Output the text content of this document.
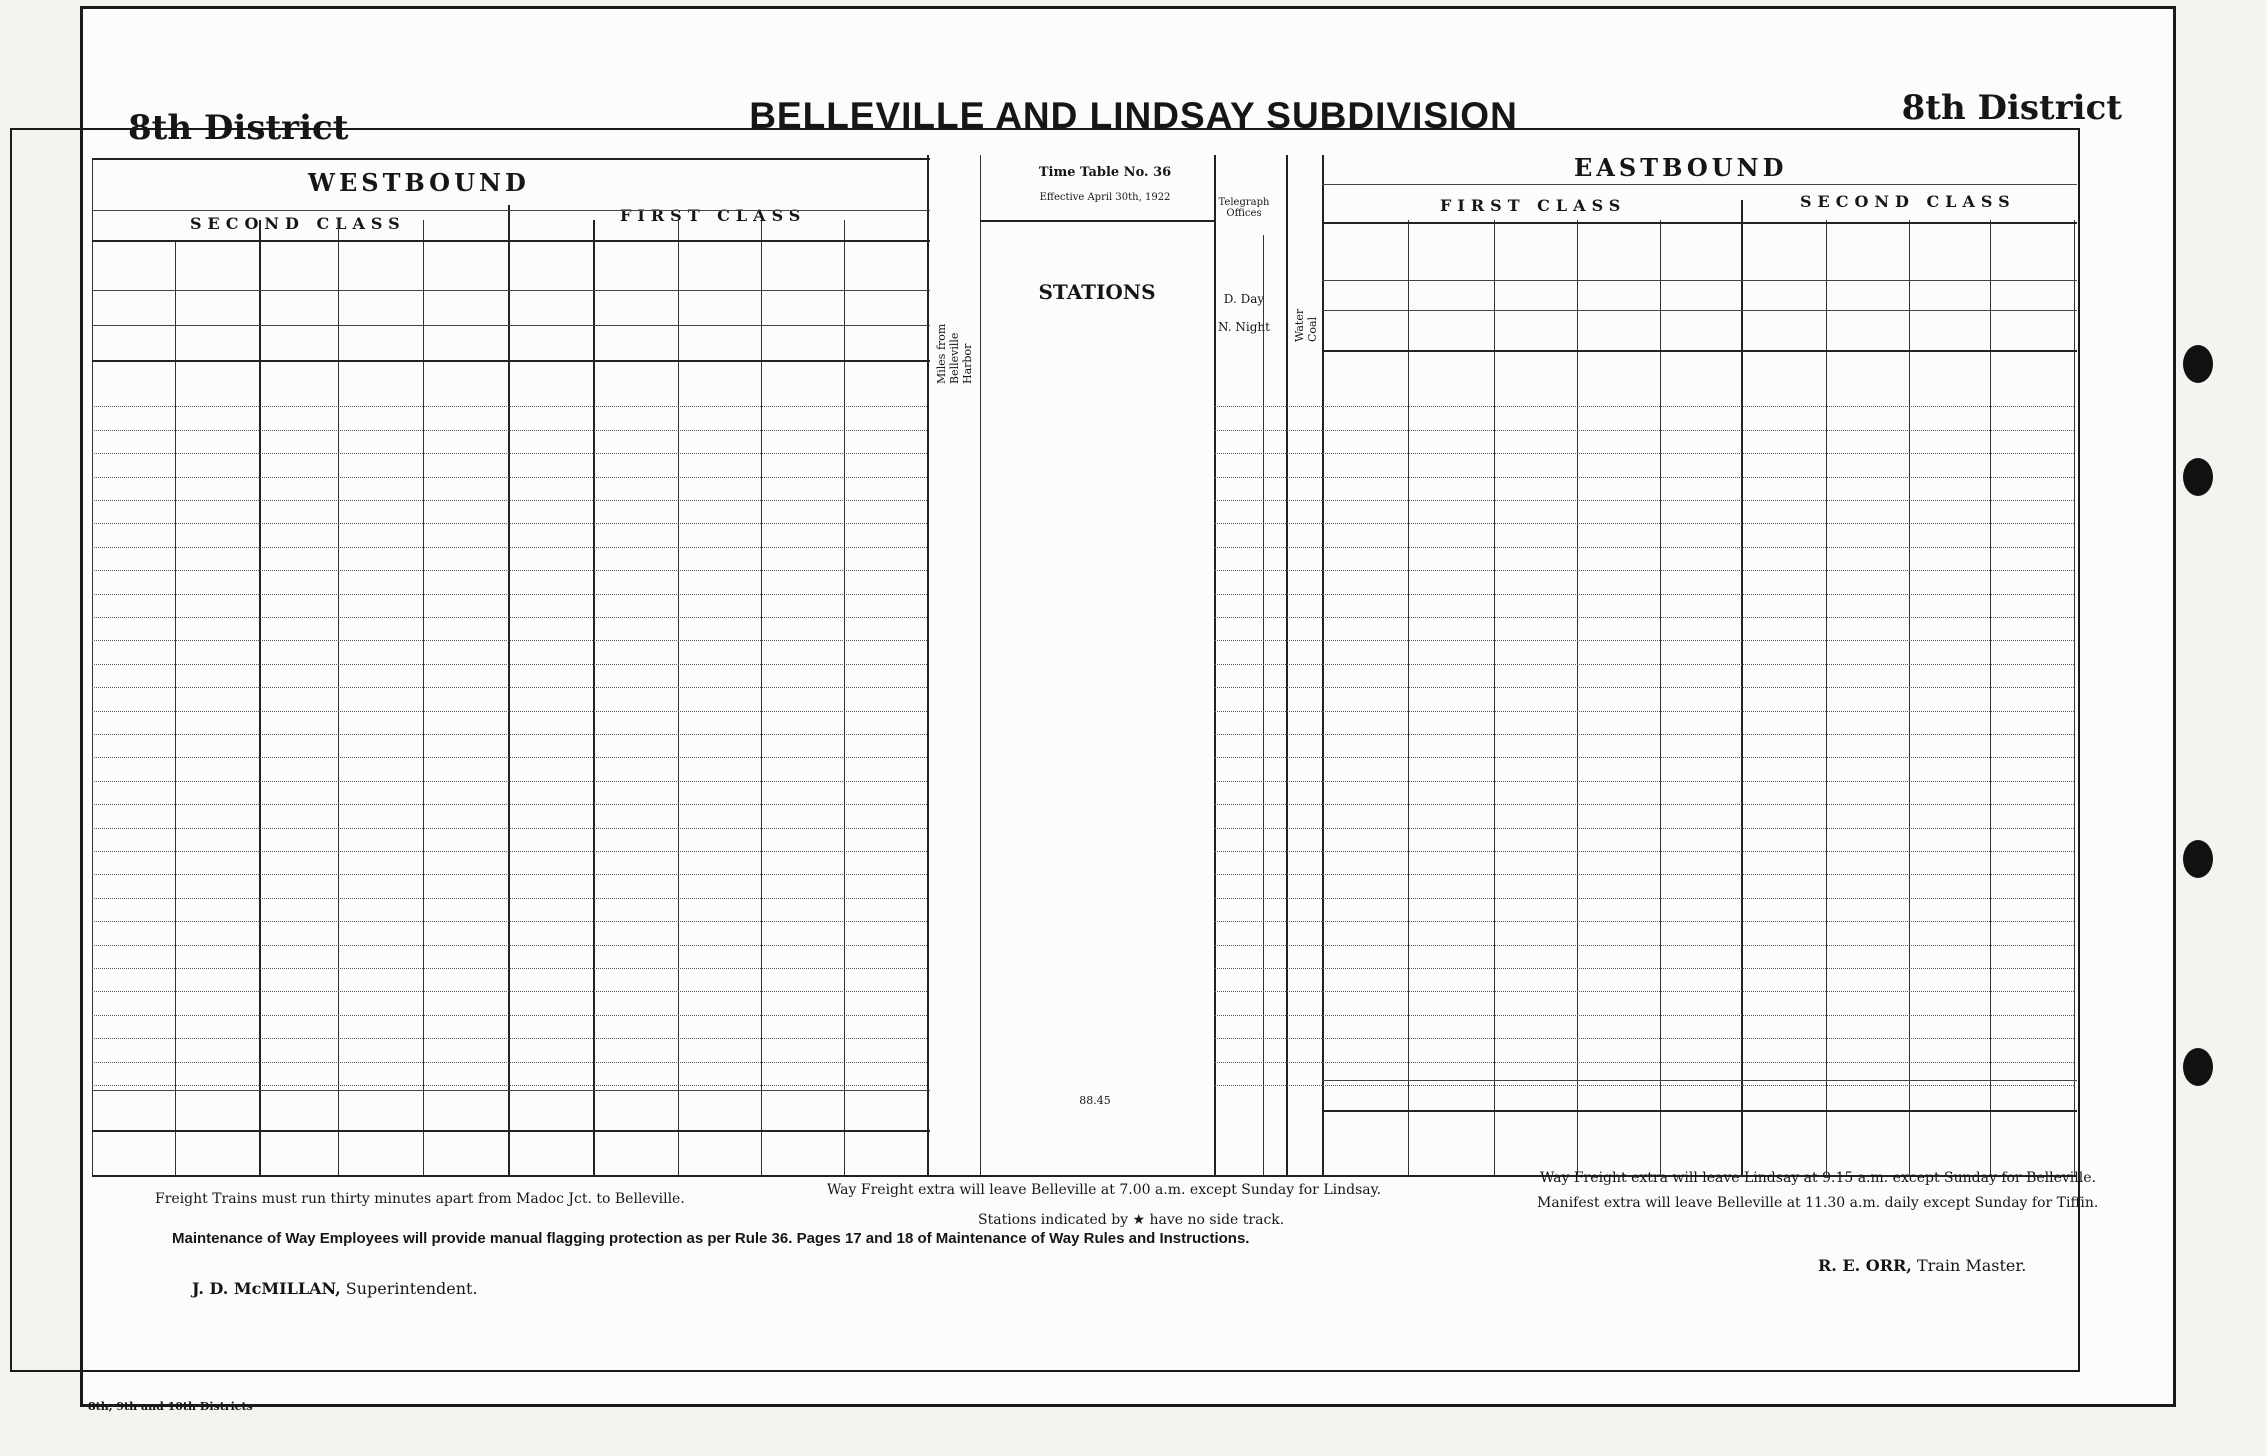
8th District	8th District
BELLEVILLE AND LINDSAY SUBDIVISION
WESTBOUND
SECOND CLASS	FIRST CLASS
EASTBOUND
FIRST CLASS	SECOND CLASS
Time Table No. 36
Effective April 30th, 1922
STATIONS
Miles from Belleville Harbor
Telegraph Offices
D. Day
N. Night	Water Coal
88.45
Freight Trains must run thirty minutes apart from Madoc Jct. to Belleville.
Way Freight extra will leave Belleville at 7.00 a.m. except Sunday for Lindsay.
Way Freight extra will leave Lindsay at 9.15 a.m. except Sunday for Belleville.
Stations indicated by ★ have no side track.
Manifest extra will leave Belleville at 11.30 a.m. daily except Sunday for Tiffin.
Maintenance of Way Employees will provide manual flagging protection as per Rule 36. Pages 17 and 18 of Maintenance of Way Rules and Instructions.
J. D. McMILLAN, Superintendent.
R. E. ORR, Train Master.
8th, 9th and 10th Districts
